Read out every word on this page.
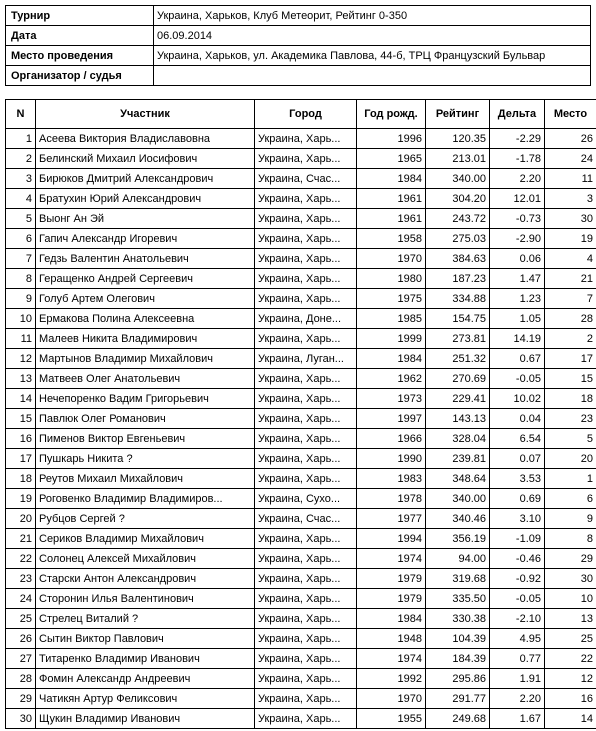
Турнир	Украина, Харьков, Клуб Метеорит, Рейтинг 0-350
Дата	06.09.2014
Место проведения	Украина, Харьков, ул. Академика Павлова, 44-б, ТРЦ Французский Бульвар
Организатор / судья	
N	Участник	Город	Год рожд.	Рейтинг	Дельта	Место
1	Асеева Виктория Владиславовна	Украина, Харь...	1996	120.35	-2.29	26
2	Белинский Михаил Иосифович	Украина, Харь...	1965	213.01	-1.78	24
3	Бирюков Дмитрий Александрович	Украина, Счас...	1984	340.00	2.20	11
4	Братухин Юрий Александрович	Украина, Харь...	1961	304.20	12.01	3
5	Выонг Ан Эй	Украина, Харь...	1961	243.72	-0.73	30
6	Гапич Александр Игоревич	Украина, Харь...	1958	275.03	-2.90	19
7	Гедзь Валентин Анатольевич	Украина, Харь...	1970	384.63	0.06	4
8	Геращенко Андрей Сергеевич	Украина, Харь...	1980	187.23	1.47	21
9	Голуб Артем Олегович	Украина, Харь...	1975	334.88	1.23	7
10	Ермакова Полина Алексеевна	Украина, Доне...	1985	154.75	1.05	28
11	Малеев Никита Владимирович	Украина, Харь...	1999	273.81	14.19	2
12	Мартынов Владимир Михайлович	Украина, Луган...	1984	251.32	0.67	17
13	Матвеев Олег Анатольевич	Украина, Харь...	1962	270.69	-0.05	15
14	Нечепоренко Вадим Григорьевич	Украина, Харь...	1973	229.41	10.02	18
15	Павлюк Олег Романович	Украина, Харь...	1997	143.13	0.04	23
16	Пименов Виктор Евгеньевич	Украина, Харь...	1966	328.04	6.54	5
17	Пушкарь Никита ?	Украина, Харь...	1990	239.81	0.07	20
18	Реутов Михаил Михайлович	Украина, Харь...	1983	348.64	3.53	1
19	Роговенко Владимир Владимиров...	Украина, Сухо...	1978	340.00	0.69	6
20	Рубцов Сергей ?	Украина, Счас...	1977	340.46	3.10	9
21	Сериков Владимир Михайлович	Украина, Харь...	1994	356.19	-1.09	8
22	Солонец Алексей Михайлович	Украина, Харь...	1974	94.00	-0.46	29
23	Старски Антон Александрович	Украина, Харь...	1979	319.68	-0.92	30
24	Сторонин Илья Валентинович	Украина, Харь...	1979	335.50	-0.05	10
25	Стрелец Виталий ?	Украина, Харь...	1984	330.38	-2.10	13
26	Сытин Виктор Павлович	Украина, Харь...	1948	104.39	4.95	25
27	Титаренко Владимир Иванович	Украина, Харь...	1974	184.39	0.77	22
28	Фомин Александр Андреевич	Украина, Харь...	1992	295.86	1.91	12
29	Чатикян Артур Феликсович	Украина, Харь...	1970	291.77	2.20	16
30	Щукин Владимир Иванович	Украина, Харь...	1955	249.68	1.67	14
